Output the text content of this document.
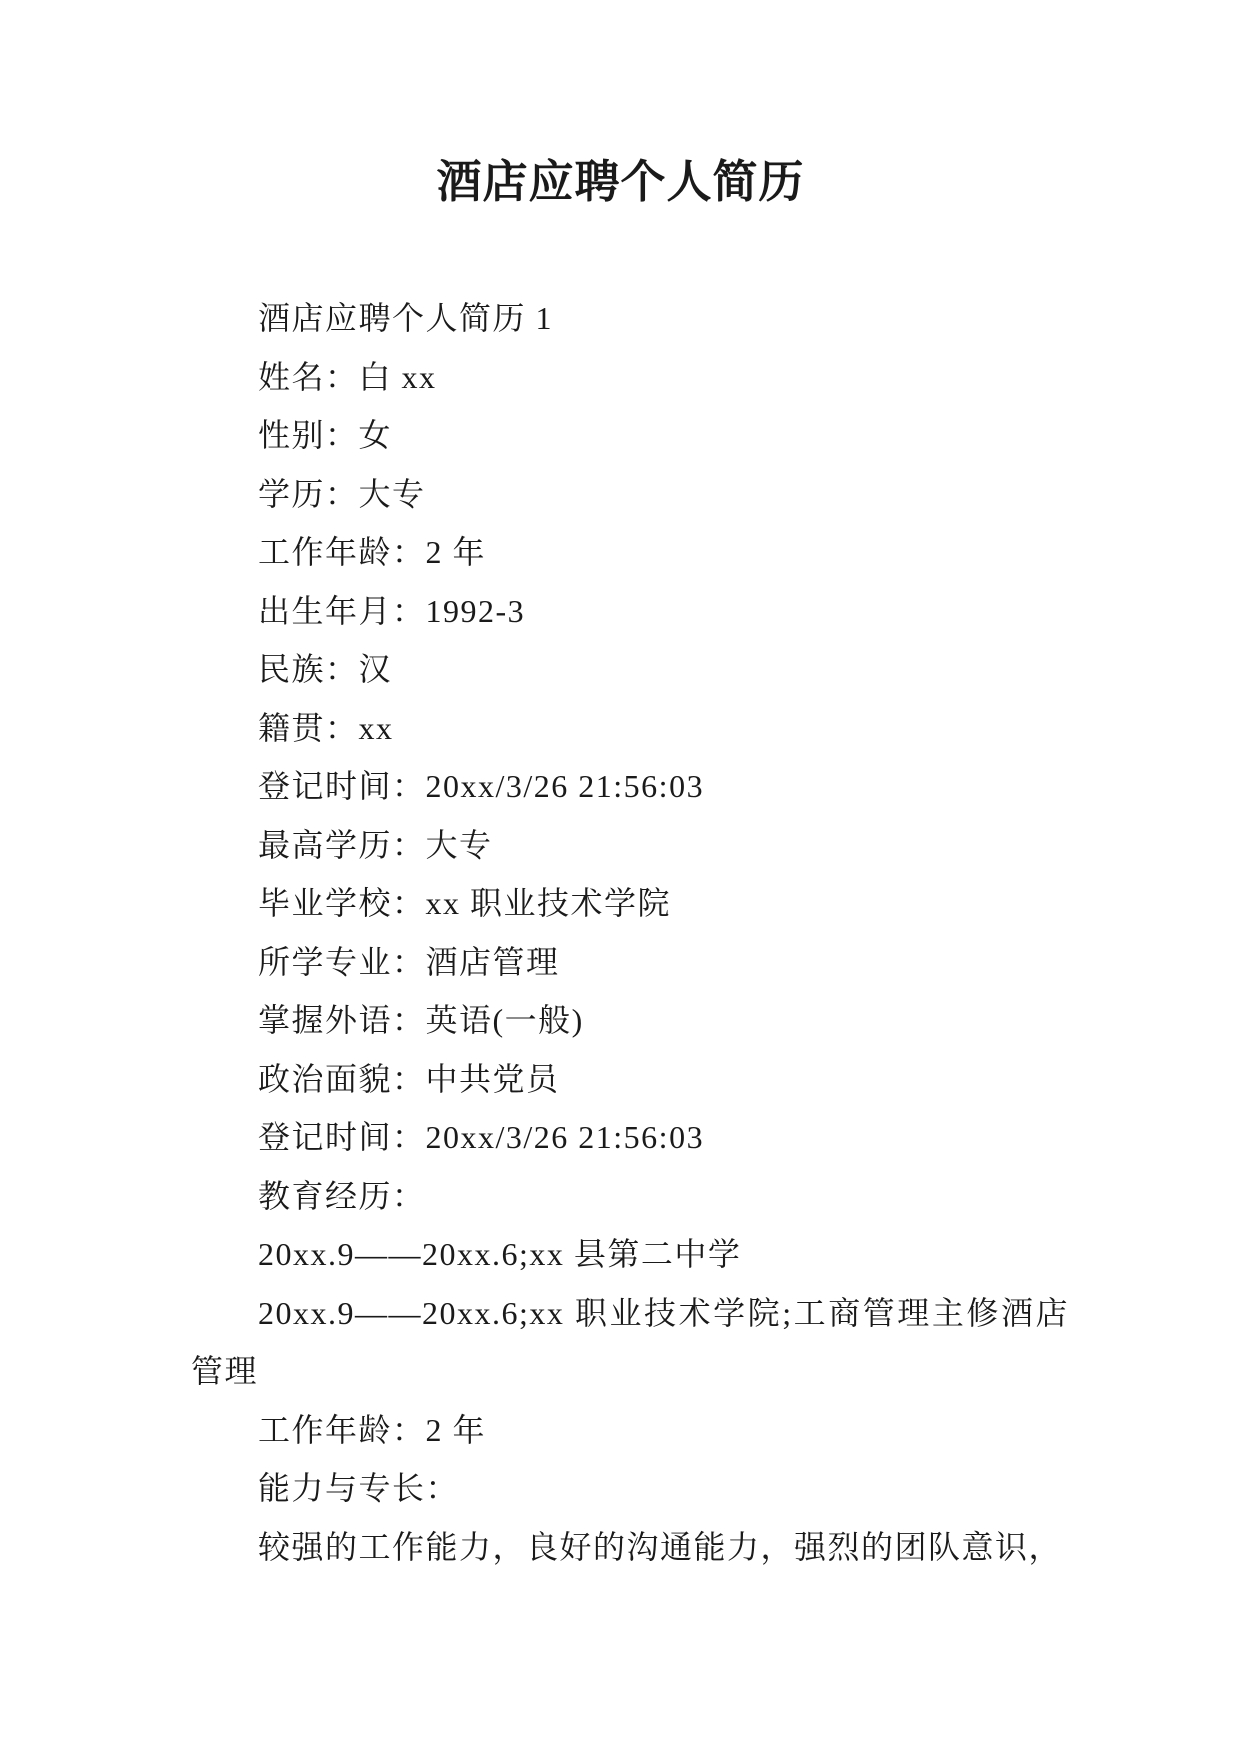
酒店应聘个人简历

酒店应聘个人简历 1

姓名：白 xx

性别：女

学历：大专

工作年龄：2 年

出生年月：1992-3

民族：汉

籍贯：xx

登记时间：20xx/3/26 21:56:03

最高学历：大专

毕业学校：xx 职业技术学院

所学专业：酒店管理

掌握外语：英语(一般)

政治面貌：中共党员

登记时间：20xx/3/26 21:56:03

教育经历：

20xx.9——20xx.6;xx 县第二中学

20xx.9——20xx.6;xx 职业技术学院;工商管理主修酒店管理

工作年龄：2 年

能力与专长：

较强的工作能力，良好的沟通能力，强烈的团队意识，
